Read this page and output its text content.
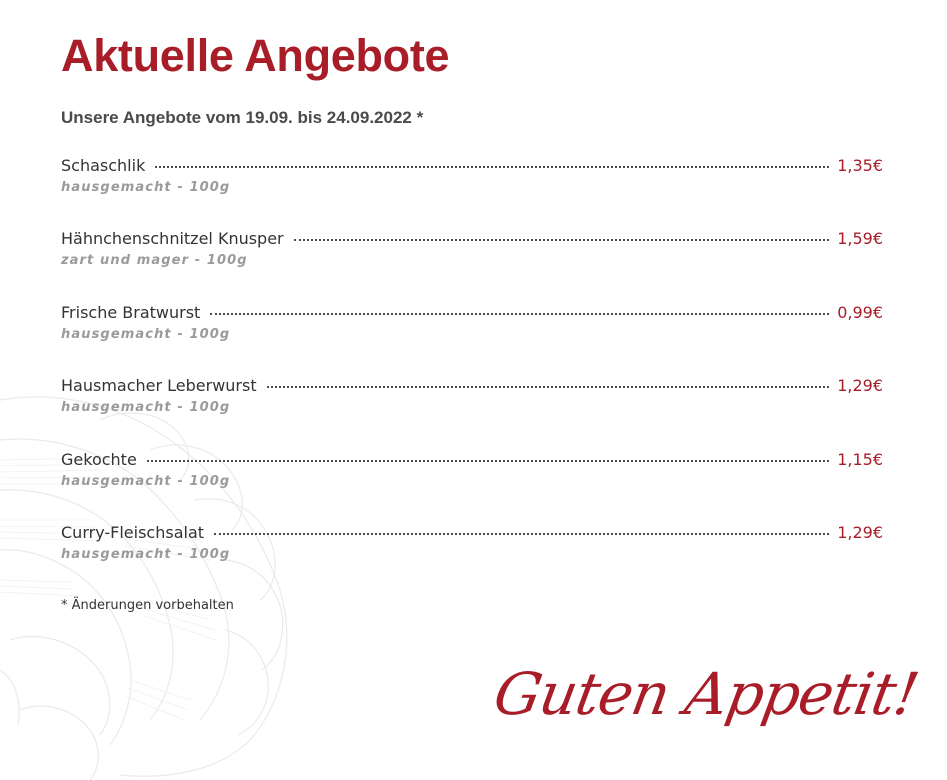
Aktuelle Angebote
Unsere Angebote vom 19.09. bis 24.09.2022 *
Schaschlik	1,35€
hausgemacht - 100g
Hähnchenschnitzel Knusper	1,59€
zart und mager - 100g
Frische Bratwurst	0,99€
hausgemacht - 100g
Hausmacher Leberwurst	1,29€
hausgemacht - 100g
Gekochte	1,15€
hausgemacht - 100g
Curry-Fleischsalat	1,29€
hausgemacht - 100g

* Änderungen vorbehalten

Guten Appetit!
